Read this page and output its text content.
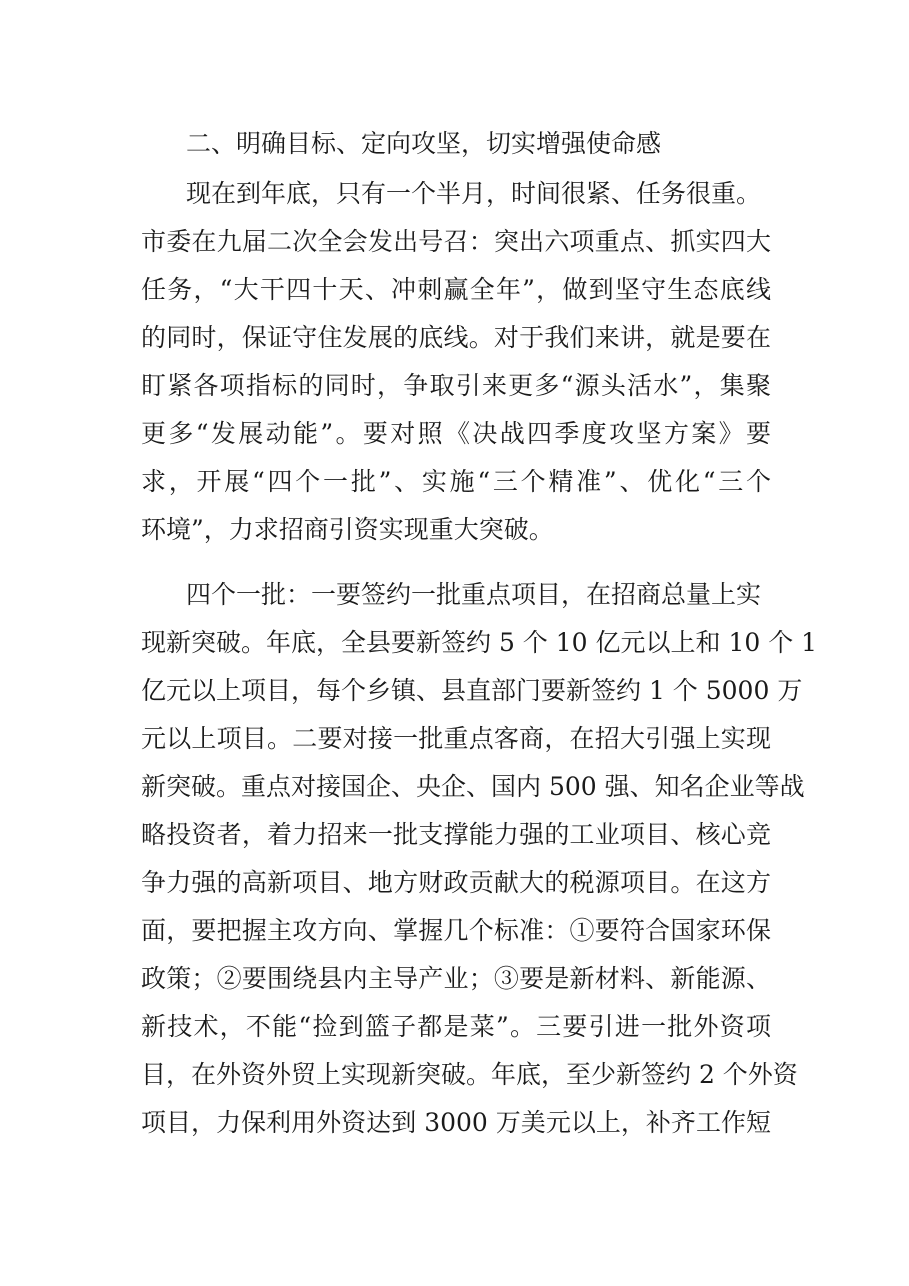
二、明确目标、定向攻坚，切实增强使命感
现在到年底，只有一个半月，时间很紧、任务很重。
市委在九届二次全会发出号召：突出六项重点、抓实四大
任务，“大干四十天、冲刺赢全年”，做到坚守生态底线
的同时，保证守住发展的底线。对于我们来讲，就是要在
盯紧各项指标的同时，争取引来更多“源头活水”，集聚
更多“发展动能”。要对照《决战四季度攻坚方案》要
求，开展“四个一批”、实施“三个精准”、优化“三个
环境”，力求招商引资实现重大突破。
四个一批：一要签约一批重点项目，在招商总量上实
现新突破。年底，全县要新签约 5 个 10 亿元以上和 10 个 1
亿元以上项目，每个乡镇、县直部门要新签约 1 个 5000 万
元以上项目。二要对接一批重点客商，在招大引强上实现
新突破。重点对接国企、央企、国内 500 强、知名企业等战
略投资者，着力招来一批支撑能力强的工业项目、核心竞
争力强的高新项目、地方财政贡献大的税源项目。在这方
面，要把握主攻方向、掌握几个标准：①要符合国家环保
政策；②要围绕县内主导产业；③要是新材料、新能源、
新技术，不能“捡到篮子都是菜”。三要引进一批外资项
目，在外资外贸上实现新突破。年底，至少新签约 2 个外资
项目，力保利用外资达到 3000 万美元以上，补齐工作短
